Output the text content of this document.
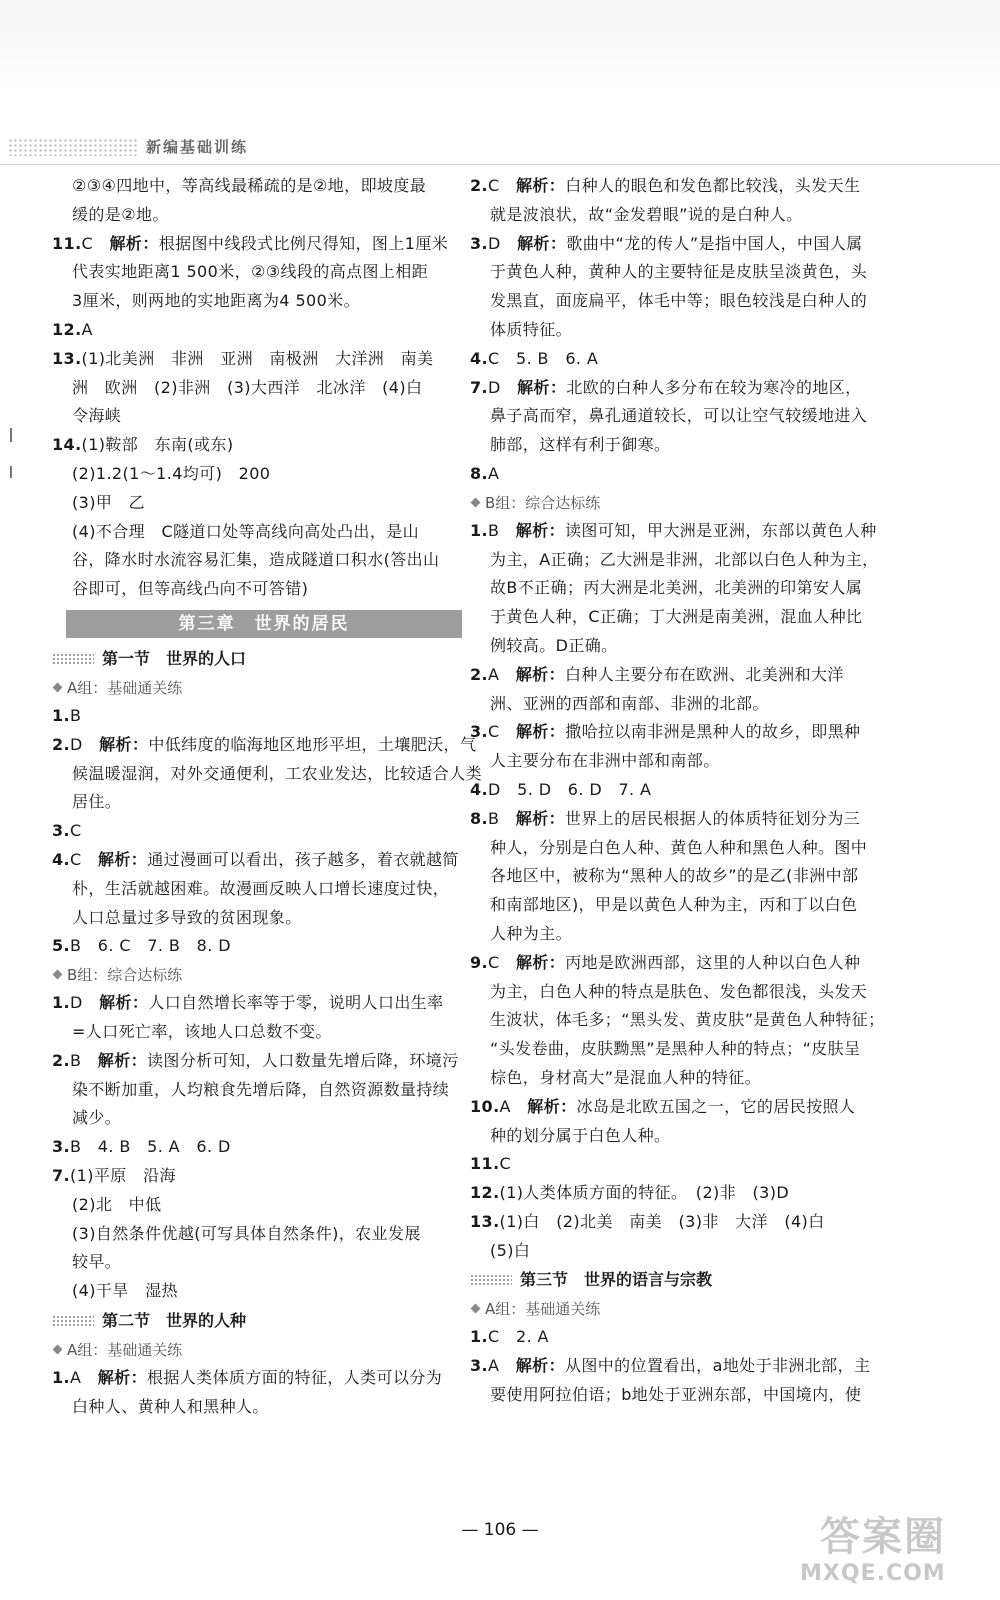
新编基础训练
②③④四地中，等高线最稀疏的是②地，即坡度最
缓的是②地。
11.C　解析：根据图中线段式比例尺得知，图上1厘米
代表实地距离1 500米，②③线段的高点图上相距
3厘米，则两地的实地距离为4 500米。
12.A
13.(1)北美洲　非洲　亚洲　南极洲　大洋洲　南美
洲　欧洲　(2)非洲　(3)大西洋　北冰洋　(4)白
令海峡
14.(1)鞍部　东南(或东)
(2)1.2(1～1.4均可)　200
(3)甲　乙
(4)不合理　C隧道口处等高线向高处凸出，是山
谷，降水时水流容易汇集，造成隧道口积水(答出山
谷即可，但等高线凸向不可答错)
第三章　世界的居民
第一节　世界的人口
A组：基础通关练
1.B
2.D　解析：中低纬度的临海地区地形平坦，土壤肥沃，气
候温暖湿润，对外交通便利，工农业发达，比较适合人类
居住。
3.C
4.C　解析：通过漫画可以看出，孩子越多，着衣就越简
朴，生活就越困难。故漫画反映人口增长速度过快，
人口总量过多导致的贫困现象。
5.B　6. C　7. B　8. D
B组：综合达标练
1.D　解析：人口自然增长率等于零，说明人口出生率
=人口死亡率，该地人口总数不变。
2.B　解析：读图分析可知，人口数量先增后降，环境污
染不断加重，人均粮食先增后降，自然资源数量持续
减少。
3.B　4. B　5. A　6. D
7.(1)平原　沿海
(2)北　中低
(3)自然条件优越(可写具体自然条件)，农业发展
较早。
(4)干旱　湿热
第二节　世界的人种
A组：基础通关练
1.A　解析：根据人类体质方面的特征，人类可以分为
白种人、黄种人和黑种人。
2.C　解析：白种人的眼色和发色都比较浅，头发天生
就是波浪状，故“金发碧眼”说的是白种人。
3.D　解析：歌曲中“龙的传人”是指中国人，中国人属
于黄色人种，黄种人的主要特征是皮肤呈淡黄色，头
发黑直，面庞扁平，体毛中等；眼色较浅是白种人的
体质特征。
4.C　5. B　6. A
7.D　解析：北欧的白种人多分布在较为寒冷的地区，
鼻子高而窄，鼻孔通道较长，可以让空气较缓地进入
肺部，这样有利于御寒。
8.A
B组：综合达标练
1.B　解析：读图可知，甲大洲是亚洲，东部以黄色人种
为主，A正确；乙大洲是非洲，北部以白色人种为主，
故B不正确；丙大洲是北美洲，北美洲的印第安人属
于黄色人种，C正确；丁大洲是南美洲，混血人种比
例较高。D正确。
2.A　解析：白种人主要分布在欧洲、北美洲和大洋
洲、亚洲的西部和南部、非洲的北部。
3.C　解析：撒哈拉以南非洲是黑种人的故乡，即黑种
人主要分布在非洲中部和南部。
4.D　5. D　6. D　7. A
8.B　解析：世界上的居民根据人的体质特征划分为三
种人，分别是白色人种、黄色人种和黑色人种。图中
各地区中，被称为“黑种人的故乡”的是乙(非洲中部
和南部地区)，甲是以黄色人种为主，丙和丁以白色
人种为主。
9.C　解析：丙地是欧洲西部，这里的人种以白色人种
为主，白色人种的特点是肤色、发色都很浅，头发天
生波状，体毛多；“黑头发、黄皮肤”是黄色人种特征；
“头发卷曲，皮肤黝黑”是黑种人种的特点；“皮肤呈
棕色，身材高大”是混血人种的特征。
10.A　解析：冰岛是北欧五国之一，它的居民按照人
种的划分属于白色人种。
11.C
12.(1)人类体质方面的特征。　(2)非　(3)D
13.(1)白　(2)北美　南美　(3)非　大洋　(4)白
(5)白
第三节　世界的语言与宗教
A组：基础通关练
1.C　2. A
3.A　解析：从图中的位置看出，a地处于非洲北部，主
要使用阿拉伯语；b地处于亚洲东部，中国境内，使
— 106 —	答案圈
MXQE.COM
